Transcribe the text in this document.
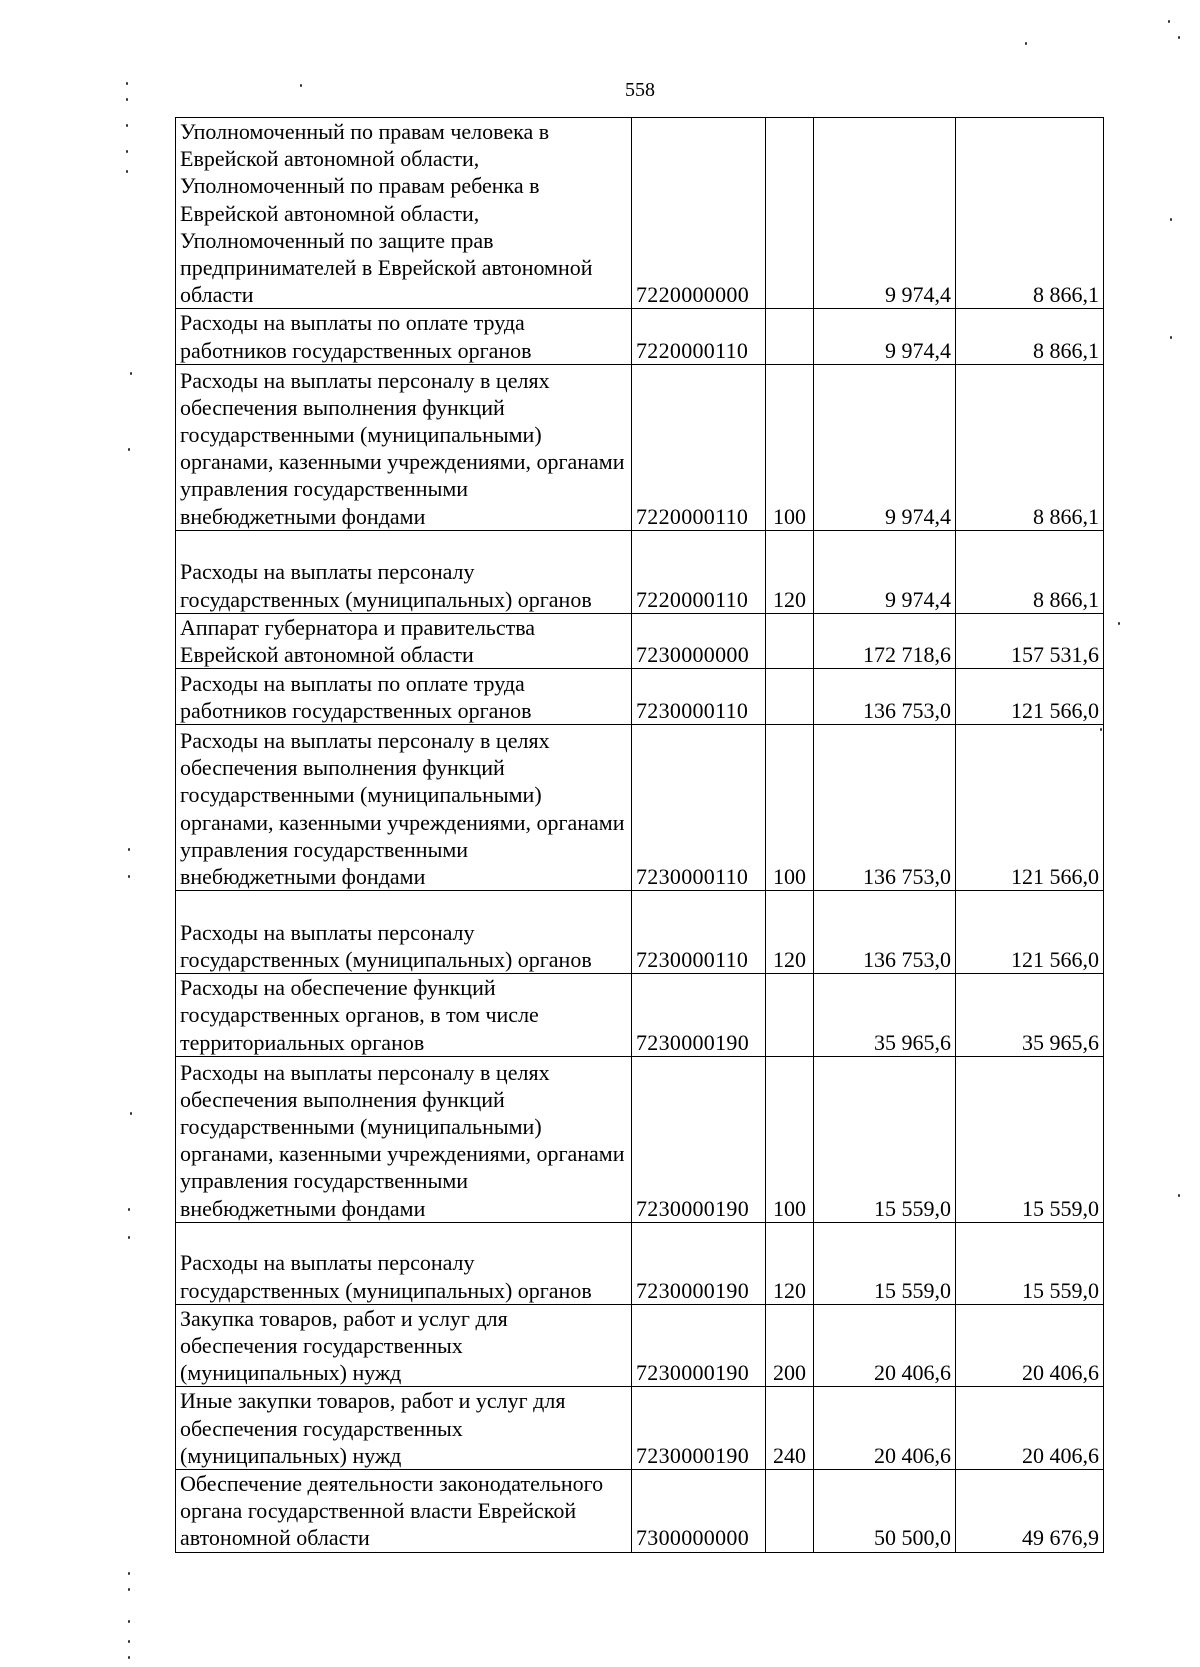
558
Уполномоченный по правам человека в Еврейской автономной области, Уполномоченный по правам ребенка в Еврейской автономной области, Уполномоченный по защите прав предпринимателей в Еврейской автономной области	7220000000		9 974,4	8 866,1
Расходы на выплаты по оплате труда работников государственных органов	7220000110		9 974,4	8 866,1
Расходы на выплаты персоналу в целях обеспечения выполнения функций государственными (муниципальными) органами, казенными учреждениями, органами управления государственными внебюджетными фондами	7220000110	100	9 974,4	8 866,1
Расходы на выплаты персоналу государственных (муниципальных) органов	7220000110	120	9 974,4	8 866,1
Аппарат губернатора и правительства Еврейской автономной области	7230000000		172 718,6	157 531,6
Расходы на выплаты по оплате труда работников государственных органов	7230000110		136 753,0	121 566,0
Расходы на выплаты персоналу в целях обеспечения выполнения функций государственными (муниципальными) органами, казенными учреждениями, органами управления государственными внебюджетными фондами	7230000110	100	136 753,0	121 566,0
Расходы на выплаты персоналу государственных (муниципальных) органов	7230000110	120	136 753,0	121 566,0
Расходы на обеспечение функций государственных органов, в том числе территориальных органов	7230000190		35 965,6	35 965,6
Расходы на выплаты персоналу в целях обеспечения выполнения функций государственными (муниципальными) органами, казенными учреждениями, органами управления государственными внебюджетными фондами	7230000190	100	15 559,0	15 559,0
Расходы на выплаты персоналу государственных (муниципальных) органов	7230000190	120	15 559,0	15 559,0
Закупка товаров, работ и услуг для обеспечения государственных (муниципальных) нужд	7230000190	200	20 406,6	20 406,6
Иные закупки товаров, работ и услуг для обеспечения государственных (муниципальных) нужд	7230000190	240	20 406,6	20 406,6
Обеспечение деятельности законодательного органа государственной власти Еврейской автономной области	7300000000		50 500,0	49 676,9
